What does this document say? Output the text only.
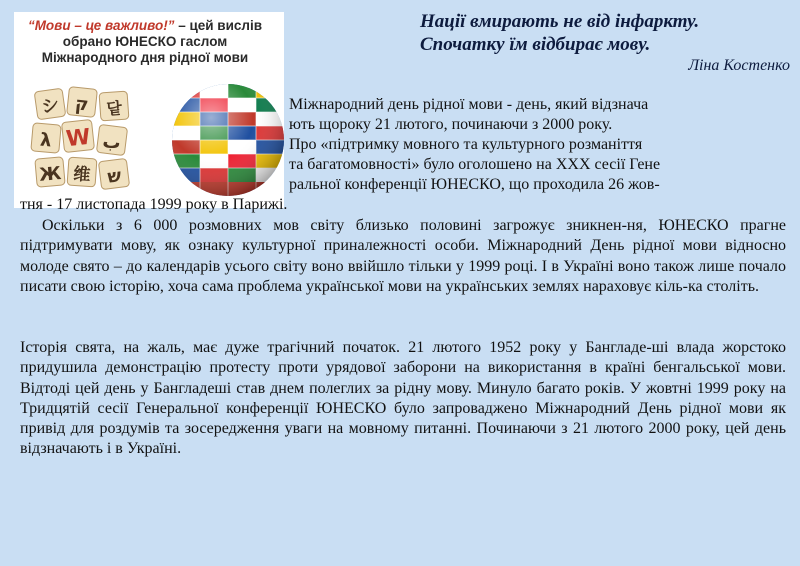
“Мови – це важливо!” – цей вислів обрано ЮНЕСКО гаслом Міжнародного дня рідної мови
シ ק 닽
λ W ب
Ж 维 ש
Нації вмирають не від інфаркту.
Спочатку їм відбирає мову.
Ліна Костенко
Міжнародний день рідної мови - день, який відзнача
ють щороку 21 лютого, починаючи з 2000 року.
Про «підтримку мовного та культурного розманіття
та багатомовності» було оголошено на XXX сесії Гене
ральної конференції ЮНЕСКО, що проходила 26 жов-
тня - 17 листопада 1999 року в Парижі.
Оскільки з 6 000 розмовних мов світу близько половині загрожує зникнен-ня, ЮНЕСКО прагне підтримувати мову, як ознаку культурної приналежності особи. Міжнародний День рідної мови відносно молоде свято – до календарів усього світу воно ввійшло тільки у 1999 році. І в Україні воно також лише почало писати свою історію, хоча сама проблема української мови на українських землях нараховує кіль-ка століть.
Історія свята, на жаль, має дуже трагічний початок. 21 лютого 1952 року у Бангладе-ші влада жорстоко придушила демонстрацію протесту проти урядової заборони на використання в країні бенгальської мови. Відтоді цей день у Бангладеші став днем полеглих за рідну мову. Минуло багато років. У жовтні 1999 року на Тридцятій сесії Генеральної конференції ЮНЕСКО було запроваджено Міжнародний День рідної мови як привід для роздумів та зосередження уваги на мовному питанні. Починаючи з 21 лютого 2000 року, цей день відзначають і в Україні.
